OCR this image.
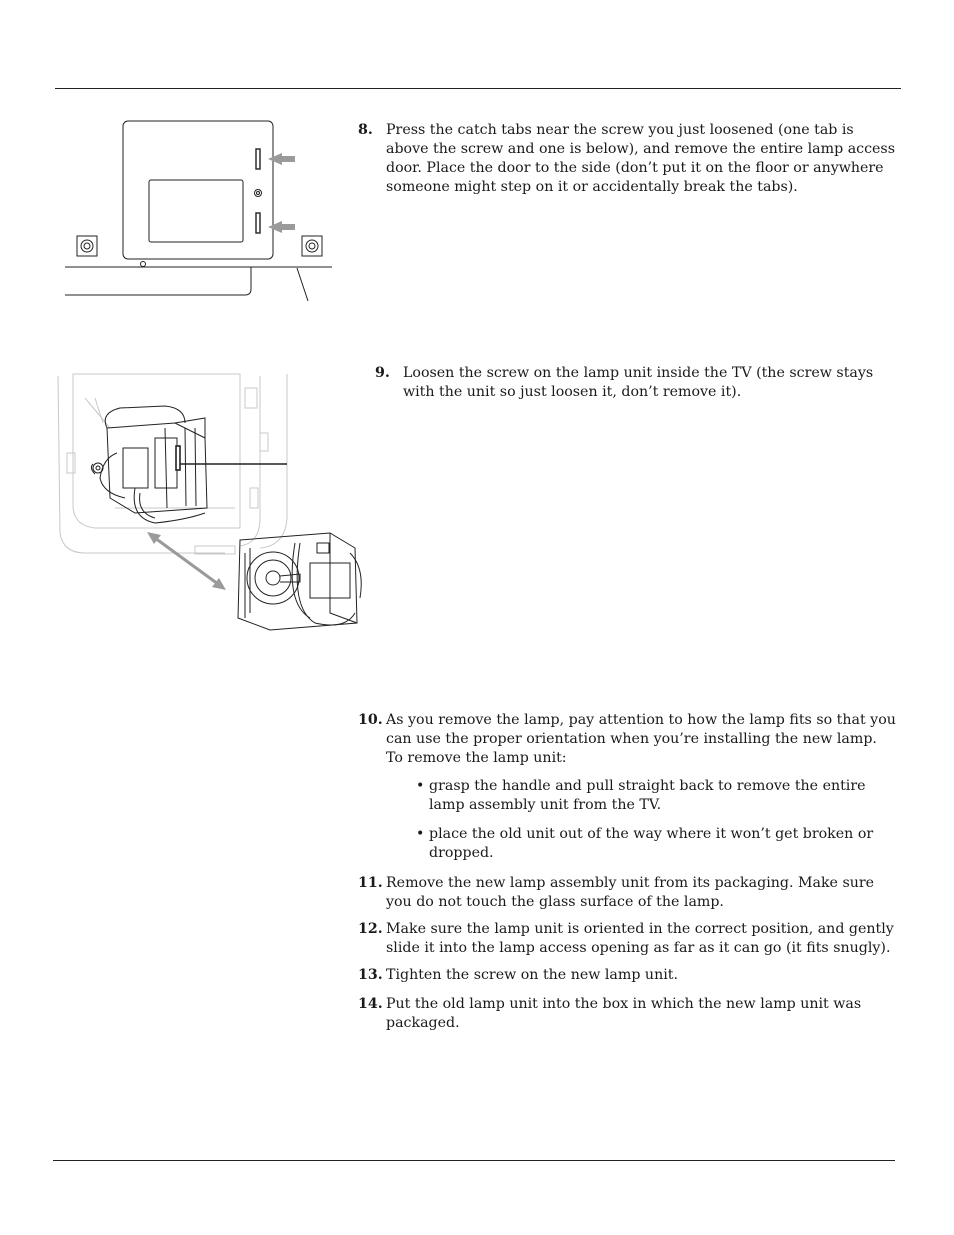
8. Press the catch tabs near the screw you just loosened (one tab is above the screw and one is below), and remove the entire lamp access door. Place the door to the side (don’t put it on the floor or anywhere someone might step on it or accidentally break the tabs).
9. Loosen the screw on the lamp unit inside the TV (the screw stays with the unit so just loosen it, don’t remove it).
10. As you remove the lamp, pay attention to how the lamp fits so that you can use the proper orientation when you’re installing the new lamp. To remove the lamp unit:
• grasp the handle and pull straight back to remove the entire lamp assembly unit from the TV.
• place the old unit out of the way where it won’t get broken or dropped.
11. Remove the new lamp assembly unit from its packaging. Make sure you do not touch the glass surface of the lamp.
12. Make sure the lamp unit is oriented in the correct position, and gently slide it into the lamp access opening as far as it can go (it fits snugly).
13. Tighten the screw on the new lamp unit.
14. Put the old lamp unit into the box in which the new lamp unit was packaged.
